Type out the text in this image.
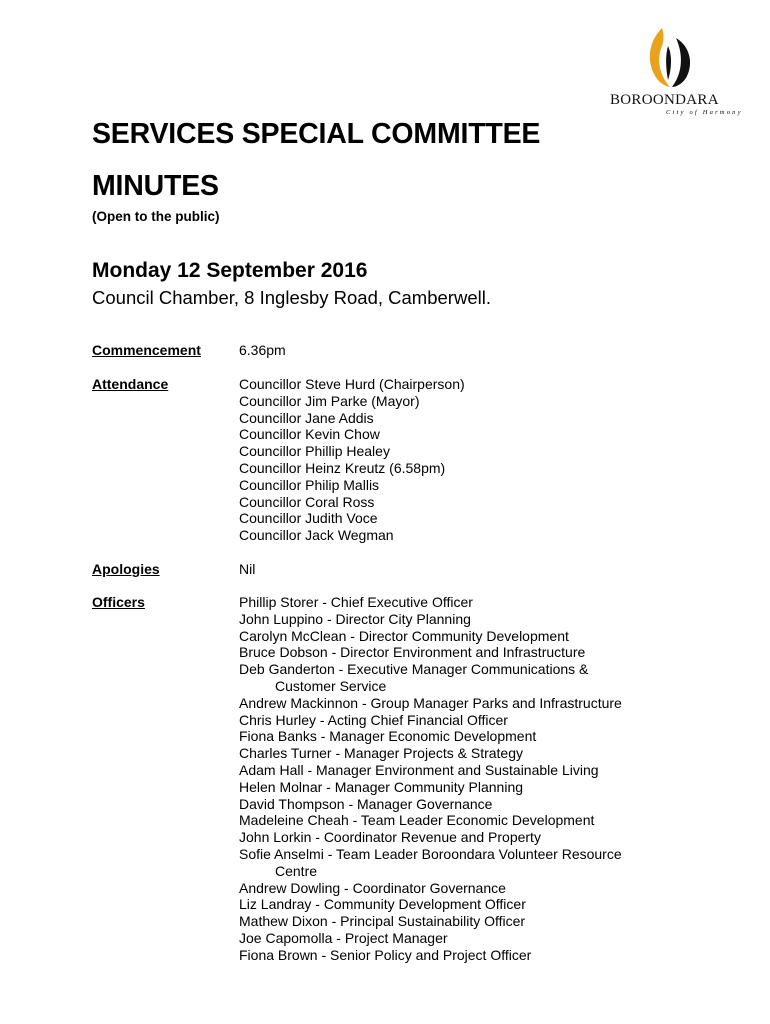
BOROONDARA
City of Harmony
SERVICES SPECIAL COMMITTEE
MINUTES
(Open to the public)
Monday 12 September 2016
Council Chamber, 8 Inglesby Road, Camberwell.
Commencement	6.36pm
Attendance	Councillor Steve Hurd (Chairperson)
Councillor Jim Parke (Mayor)
Councillor Jane Addis
Councillor Kevin Chow
Councillor Phillip Healey
Councillor Heinz Kreutz (6.58pm)
Councillor Philip Mallis
Councillor Coral Ross
Councillor Judith Voce
Councillor Jack Wegman
Apologies	Nil
Officers	Phillip Storer - Chief Executive Officer
John Luppino - Director City Planning
Carolyn McClean - Director Community Development
Bruce Dobson - Director Environment and Infrastructure
Deb Ganderton - Executive Manager Communications &
Customer Service
Andrew Mackinnon - Group Manager Parks and Infrastructure
Chris Hurley - Acting Chief Financial Officer
Fiona Banks - Manager Economic Development
Charles Turner - Manager Projects & Strategy
Adam Hall - Manager Environment and Sustainable Living
Helen Molnar - Manager Community Planning
David Thompson - Manager Governance
Madeleine Cheah - Team Leader Economic Development
John Lorkin - Coordinator Revenue and Property
Sofie Anselmi - Team Leader Boroondara Volunteer Resource
Centre
Andrew Dowling - Coordinator Governance
Liz Landray - Community Development Officer
Mathew Dixon - Principal Sustainability Officer
Joe Capomolla - Project Manager
Fiona Brown - Senior Policy and Project Officer
